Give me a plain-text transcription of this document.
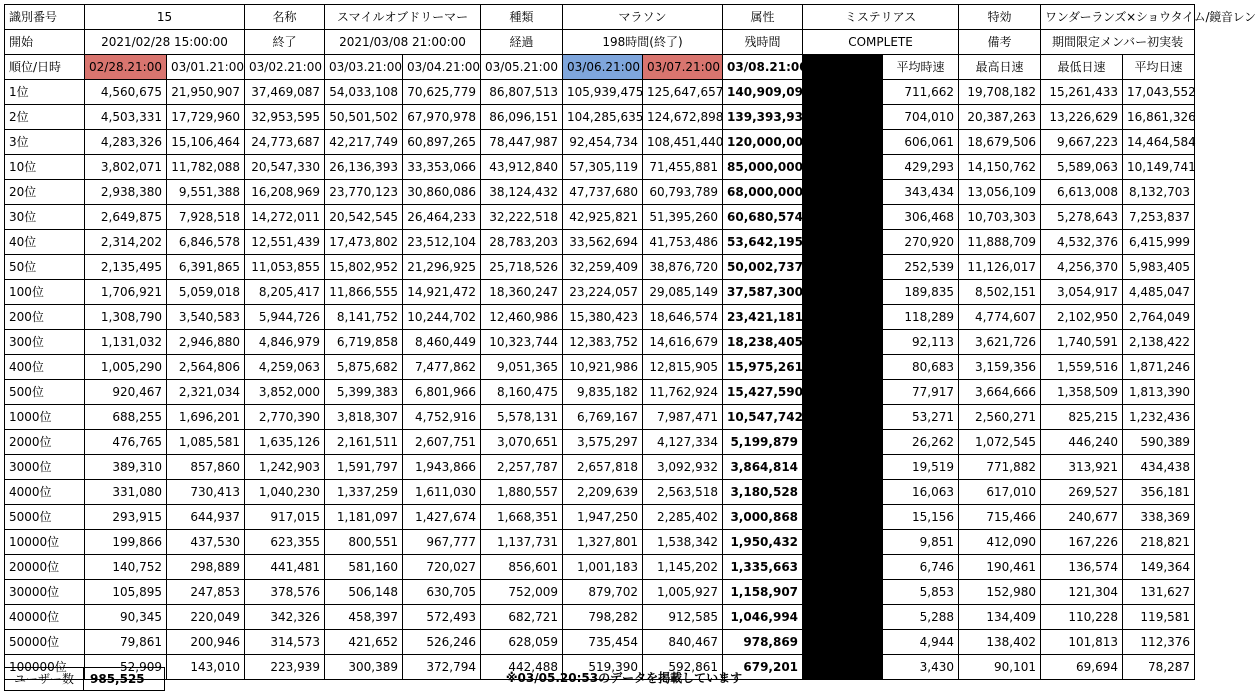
識別番号	15		名称	スマイルオブドリーマー		種類	マラソン		属性	ミステリアス		特効	ワンダーランズ×ショウタイム/鏡音レン	
開始	2021/02/28 15:00:00		終了	2021/03/08 21:00:00		経過	198時間(終了)		残時間	COMPLETE		備考	期間限定メンバー初実装	
順位/日時	02/28.21:00	03/01.21:00	03/02.21:00	03/03.21:00	03/04.21:00	03/05.21:00	03/06.21:00	03/07.21:00	03/08.21:00		平均時速	最高日速	最低日速	平均日速
1位	4,560,675	21,950,907	37,469,087	54,033,108	70,625,779	86,807,513	105,939,475	125,647,657	140,909,090		711,662	19,708,182	15,261,433	17,043,552
2位	4,503,331	17,729,960	32,953,595	50,501,502	67,970,978	86,096,151	104,285,635	124,672,898	139,393,939		704,010	20,387,263	13,226,629	16,861,326
3位	4,283,326	15,106,464	24,773,687	42,217,749	60,897,265	78,447,987	92,454,734	108,451,440	120,000,000		606,061	18,679,506	9,667,223	14,464,584
10位	3,802,071	11,782,088	20,547,330	26,136,393	33,353,066	43,912,840	57,305,119	71,455,881	85,000,000		429,293	14,150,762	5,589,063	10,149,741
20位	2,938,380	9,551,388	16,208,969	23,770,123	30,860,086	38,124,432	47,737,680	60,793,789	68,000,000		343,434	13,056,109	6,613,008	8,132,703
30位	2,649,875	7,928,518	14,272,011	20,542,545	26,464,233	32,222,518	42,925,821	51,395,260	60,680,574		306,468	10,703,303	5,278,643	7,253,837
40位	2,314,202	6,846,578	12,551,439	17,473,802	23,512,104	28,783,203	33,562,694	41,753,486	53,642,195		270,920	11,888,709	4,532,376	6,415,999
50位	2,135,495	6,391,865	11,053,855	15,802,952	21,296,925	25,718,526	32,259,409	38,876,720	50,002,737		252,539	11,126,017	4,256,370	5,983,405
100位	1,706,921	5,059,018	8,205,417	11,866,555	14,921,472	18,360,247	23,224,057	29,085,149	37,587,300		189,835	8,502,151	3,054,917	4,485,047
200位	1,308,790	3,540,583	5,944,726	8,141,752	10,244,702	12,460,986	15,380,423	18,646,574	23,421,181		118,289	4,774,607	2,102,950	2,764,049
300位	1,131,032	2,946,880	4,846,979	6,719,858	8,460,449	10,323,744	12,383,752	14,616,679	18,238,405		92,113	3,621,726	1,740,591	2,138,422
400位	1,005,290	2,564,806	4,259,063	5,875,682	7,477,862	9,051,365	10,921,986	12,815,905	15,975,261		80,683	3,159,356	1,559,516	1,871,246
500位	920,467	2,321,034	3,852,000	5,399,383	6,801,966	8,160,475	9,835,182	11,762,924	15,427,590		77,917	3,664,666	1,358,509	1,813,390
1000位	688,255	1,696,201	2,770,390	3,818,307	4,752,916	5,578,131	6,769,167	7,987,471	10,547,742		53,271	2,560,271	825,215	1,232,436
2000位	476,765	1,085,581	1,635,126	2,161,511	2,607,751	3,070,651	3,575,297	4,127,334	5,199,879		26,262	1,072,545	446,240	590,389
3000位	389,310	857,860	1,242,903	1,591,797	1,943,866	2,257,787	2,657,818	3,092,932	3,864,814		19,519	771,882	313,921	434,438
4000位	331,080	730,413	1,040,230	1,337,259	1,611,030	1,880,557	2,209,639	2,563,518	3,180,528		16,063	617,010	269,527	356,181
5000位	293,915	644,937	917,015	1,181,097	1,427,674	1,668,351	1,947,250	2,285,402	3,000,868		15,156	715,466	240,677	338,369
10000位	199,866	437,530	623,355	800,551	967,777	1,137,731	1,327,801	1,538,342	1,950,432		9,851	412,090	167,226	218,821
20000位	140,752	298,889	441,481	581,160	720,027	856,601	1,001,183	1,145,202	1,335,663		6,746	190,461	136,574	149,364
30000位	105,895	247,853	378,576	506,148	630,705	752,009	879,702	1,005,927	1,158,907		5,853	152,980	121,304	131,627
40000位	90,345	220,049	342,326	458,397	572,493	682,721	798,282	912,585	1,046,994		5,288	134,409	110,228	119,581
50000位	79,861	200,946	314,573	421,652	526,246	628,059	735,454	840,467	978,869		4,944	138,402	101,813	112,376
100000位	52,909	143,010	223,939	300,389	372,794	442,488	519,390	592,861	679,201		3,430	90,101	69,694	78,287
ユーザー数	985,525	※03/05.20:53のデータを掲載しています
